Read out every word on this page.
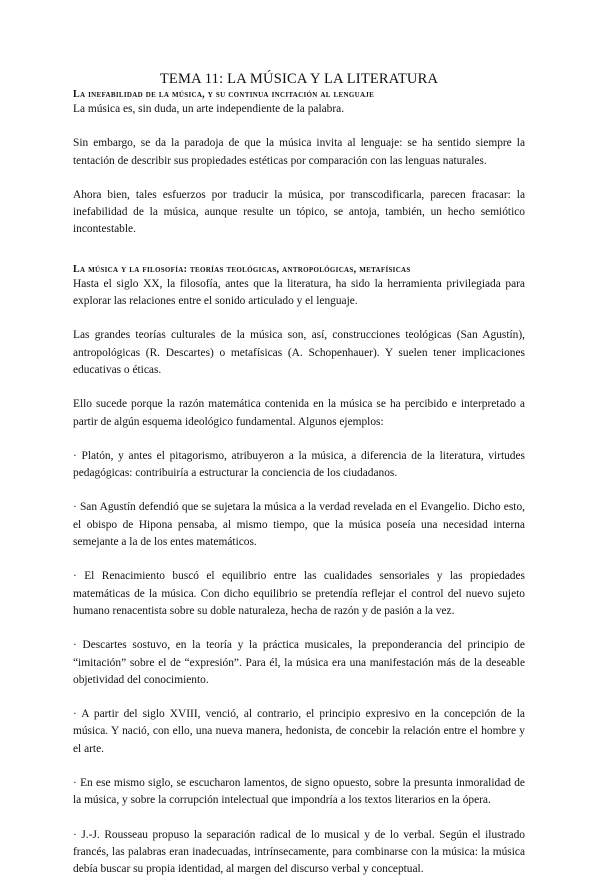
TEMA 11: LA MÚSICA Y LA LITERATURA
La inefabilidad de la música, y su continua incitación al lenguaje

La música es, sin duda, un arte independiente de la palabra.

Sin embargo, se da la paradoja de que la música invita al lenguaje: se ha sentido siempre la tentación de describir sus propiedades estéticas por comparación con las lenguas naturales.

Ahora bien, tales esfuerzos por traducir la música, por transcodificarla, parecen fracasar: la inefabilidad de la música, aunque resulte un tópico, se antoja, también, un hecho semiótico incontestable.

La música y la filosofía: teorías teológicas, antropológicas, metafísicas

Hasta el siglo XX, la filosofía, antes que la literatura, ha sido la herramienta privilegiada para explorar las relaciones entre el sonido articulado y el lenguaje.

Las grandes teorías culturales de la música son, así, construcciones teológicas (San Agustín), antropológicas (R. Descartes) o metafísicas (A. Schopenhauer). Y suelen tener implicaciones educativas o éticas.

Ello sucede porque la razón matemática contenida en la música se ha percibido e interpretado a partir de algún esquema ideológico fundamental. Algunos ejemplos:

· Platón, y antes el pitagorismo, atribuyeron a la música, a diferencia de la literatura, virtudes pedagógicas: contribuiría a estructurar la conciencia de los ciudadanos.

· San Agustín defendió que se sujetara la música a la verdad revelada en el Evangelio. Dicho esto, el obispo de Hipona pensaba, al mismo tiempo, que la música poseía una necesidad interna semejante a la de los entes matemáticos.

· El Renacimiento buscó el equilibrio entre las cualidades sensoriales y las propiedades matemáticas de la música. Con dicho equilibrio se pretendía reflejar el control del nuevo sujeto humano renacentista sobre su doble naturaleza, hecha de razón y de pasión a la vez.

· Descartes sostuvo, en la teoría y la práctica musicales, la preponderancia del principio de “imitación” sobre el de “expresión”. Para él, la música era una manifestación más de la deseable objetividad del conocimiento.

· A partir del siglo XVIII, venció, al contrario, el principio expresivo en la concepción de la música. Y nació, con ello, una nueva manera, hedonista, de concebir la relación entre el hombre y el arte.

· En ese mismo siglo, se escucharon lamentos, de signo opuesto, sobre la presunta inmoralidad de la música, y sobre la corrupción intelectual que impondría a los textos literarios en la ópera.

· J.-J. Rousseau propuso la separación radical de lo musical y de lo verbal. Según el ilustrado francés, las palabras eran inadecuadas, intrínsecamente, para combinarse con la música: la música debía buscar su propia identidad, al margen del discurso verbal y conceptual.
